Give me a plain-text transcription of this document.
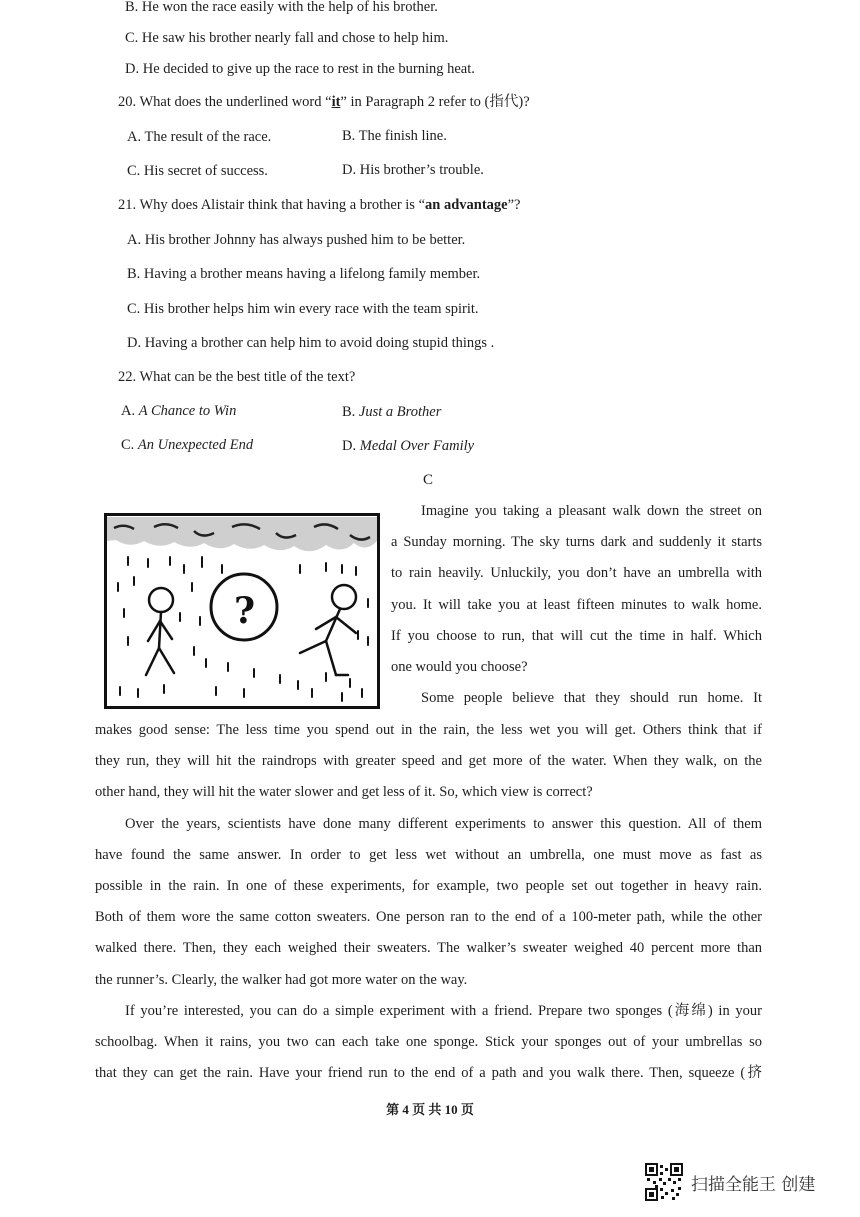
B. He won the race easily with the help of his brother.
C. He saw his brother nearly fall and chose to help him.
D. He decided to give up the race to rest in the burning heat.
20. What does the underlined word “it” in Paragraph 2 refer to (指代)?
A. The result of the race.	B. The finish line.
C. His secret of success.	D. His brother’s trouble.
21. Why does Alistair think that having a brother is “an advantage”?
A. His brother Johnny has always pushed him to be better.
B. Having a brother means having a lifelong family member.
C. His brother helps him win every race with the team spirit.
D. Having a brother can help him to avoid doing stupid things .
22. What can be the best title of the text?
A. A Chance to Win	B. Just a Brother
C. An Unexpected End	D. Medal Over Family
C
?
Imagine you taking a pleasant walk down the street on
a Sunday morning. The sky turns dark and suddenly it starts
to rain heavily. Unluckily, you don’t have an umbrella with
you. It will take you at least fifteen minutes to walk home.
If you choose to run, that will cut the time in half. Which
one would you choose?
Some people believe that they should run home. It
makes good sense: The less time you spend out in the rain, the less wet you will get. Others think that if
they run, they will hit the raindrops with greater speed and get more of the water. When they walk, on the
other hand, they will hit the water slower and get less of it. So, which view is correct?
Over the years, scientists have done many different experiments to answer this question. All of them
have found the same answer. In order to get less wet without an umbrella, one must move as fast as
possible in the rain. In one of these experiments, for example, two people set out together in heavy rain.
Both of them wore the same cotton sweaters. One person ran to the end of a 100-meter path, while the other
walked there. Then, they each weighed their sweaters. The walker’s sweater weighed 40 percent more than
the runner’s. Clearly, the walker had got more water on the way.
If you’re interested, you can do a simple experiment with a friend. Prepare two sponges (海绵) in your
schoolbag. When it rains, you two can each take one sponge. Stick your sponges out of your umbrellas so
that they can get the rain. Have your friend run to the end of a path and you walk there. Then, squeeze (挤
第 4 页 共 10 页
扫描全能王 创建
